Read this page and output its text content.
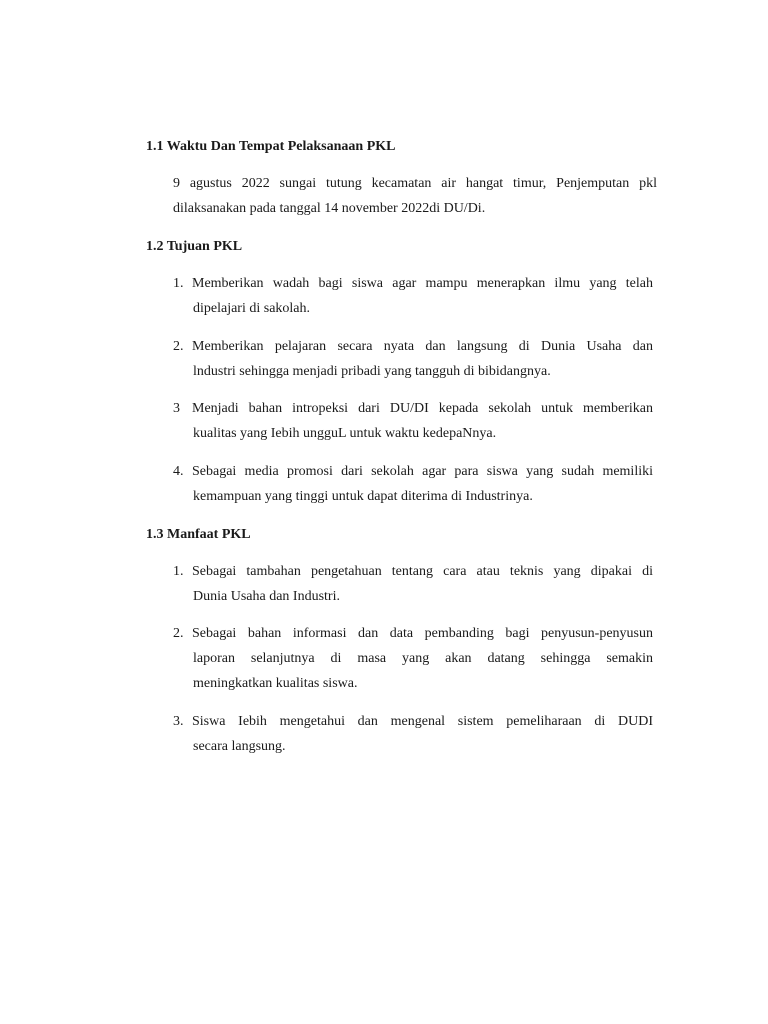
1.1 Waktu Dan Tempat Pelaksanaan PKL
9 agustus 2022 sungai tutung kecamatan air hangat timur, Penjemputan pkl
dilaksanakan pada tanggal 14 november 2022di DU/Di.
1.2 Tujuan PKL
1. Memberikan wadah bagi siswa agar mampu menerapkan ilmu yang telah
dipelajari di sakolah.
2. Memberikan pelajaran secara nyata dan langsung di Dunia Usaha dan
lndustri sehingga menjadi pribadi yang tangguh di bibidangnya.
3 Menjadi bahan intropeksi dari DU/DI kepada sekolah untuk memberikan
kualitas yang Iebih ungguL untuk waktu kedepaNnya.
4. Sebagai media promosi dari sekolah agar para siswa yang sudah memiliki
kemampuan yang tinggi untuk dapat diterima di Industrinya.
1.3 Manfaat PKL
1. Sebagai tambahan pengetahuan tentang cara atau teknis yang dipakai di
Dunia Usaha dan Industri.
2. Sebagai bahan informasi dan data pembanding bagi penyusun-penyusun
laporan selanjutnya di masa yang akan datang sehingga semakin
meningkatkan kualitas siswa.
3. Siswa Iebih mengetahui dan mengenal sistem pemeliharaan di DUDI
secara langsung.
